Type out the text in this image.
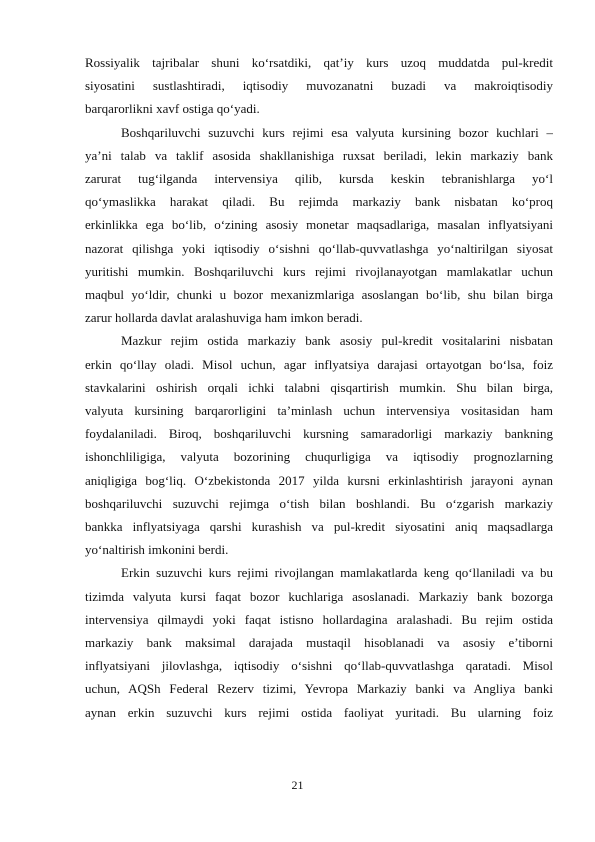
Rossiyalik tajribalar shuni ko‘rsatdiki, qat’iy kurs uzoq muddatda pul-kredit
siyosatini sustlashtiradi, iqtisodiy muvozanatni buzadi va makroiqtisodiy
barqarorlikni xavf ostiga qo‘yadi.
Boshqariluvchi suzuvchi kurs rejimi esa valyuta kursining bozor kuchlari –
ya’ni talab va taklif asosida shakllanishiga ruxsat beriladi, lekin markaziy bank
zarurat tug‘ilganda intervensiya qilib, kursda keskin tebranishlarga yo‘l
qo‘ymaslikka harakat qiladi. Bu rejimda markaziy bank nisbatan ko‘proq
erkinlikka ega bo‘lib, o‘zining asosiy monetar maqsadlariga, masalan inflyatsiyani
nazorat qilishga yoki iqtisodiy o‘sishni qo‘llab-quvvatlashga yo‘naltirilgan siyosat
yuritishi mumkin. Boshqariluvchi kurs rejimi rivojlanayotgan mamlakatlar uchun
maqbul yo‘ldir, chunki u bozor mexanizmlariga asoslangan bo‘lib, shu bilan birga
zarur hollarda davlat aralashuviga ham imkon beradi.
Mazkur rejim ostida markaziy bank asosiy pul-kredit vositalarini nisbatan
erkin qo‘llay oladi. Misol uchun, agar inflyatsiya darajasi ortayotgan bo‘lsa, foiz
stavkalarini oshirish orqali ichki talabni qisqartirish mumkin. Shu bilan birga,
valyuta kursining barqarorligini ta’minlash uchun intervensiya vositasidan ham
foydalaniladi. Biroq, boshqariluvchi kursning samaradorligi markaziy bankning
ishonchliligiga, valyuta bozorining chuqurligiga va iqtisodiy prognozlarning
aniqligiga bog‘liq. O‘zbekistonda 2017 yilda kursni erkinlashtirish jarayoni aynan
boshqariluvchi suzuvchi rejimga o‘tish bilan boshlandi. Bu o‘zgarish markaziy
bankka inflyatsiyaga qarshi kurashish va pul-kredit siyosatini aniq maqsadlarga
yo‘naltirish imkonini berdi.
Erkin suzuvchi kurs rejimi rivojlangan mamlakatlarda keng qo‘llaniladi va bu
tizimda valyuta kursi faqat bozor kuchlariga asoslanadi. Markaziy bank bozorga
intervensiya qilmaydi yoki faqat istisno hollardagina aralashadi. Bu rejim ostida
markaziy bank maksimal darajada mustaqil hisoblanadi va asosiy e’tiborni
inflyatsiyani jilovlashga, iqtisodiy o‘sishni qo‘llab-quvvatlashga qaratadi. Misol
uchun, AQSh Federal Rezerv tizimi, Yevropa Markaziy banki va Angliya banki
aynan erkin suzuvchi kurs rejimi ostida faoliyat yuritadi. Bu ularning foiz
21
